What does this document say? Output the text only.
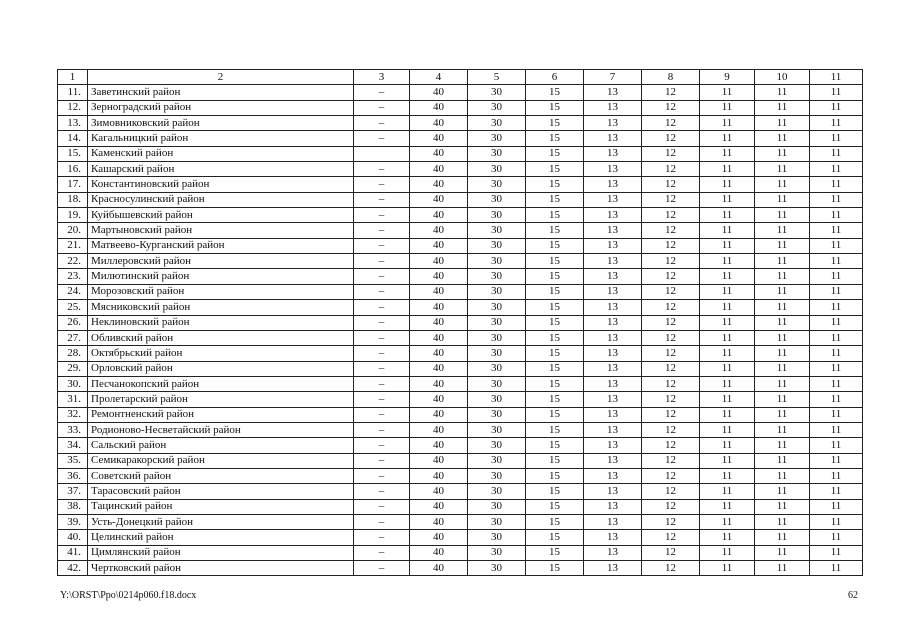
1	2	3	4	5	6	7	8	9	10	11
11.	Заветинский район	–	40	30	15	13	12	11	11	11
12.	Зерноградский район	–	40	30	15	13	12	11	11	11
13.	Зимовниковский район	–	40	30	15	13	12	11	11	11
14.	Кагальницкий район	–	40	30	15	13	12	11	11	11
15.	Каменский район		40	30	15	13	12	11	11	11
16.	Кашарский район	–	40	30	15	13	12	11	11	11
17.	Константиновский район	–	40	30	15	13	12	11	11	11
18.	Красносулинский район	–	40	30	15	13	12	11	11	11
19.	Куйбышевский район	–	40	30	15	13	12	11	11	11
20.	Мартыновский район	–	40	30	15	13	12	11	11	11
21.	Матвеево-Курганский район	–	40	30	15	13	12	11	11	11
22.	Миллеровский район	–	40	30	15	13	12	11	11	11
23.	Милютинский район	–	40	30	15	13	12	11	11	11
24.	Морозовский район	–	40	30	15	13	12	11	11	11
25.	Мясниковский район	–	40	30	15	13	12	11	11	11
26.	Неклиновский район	–	40	30	15	13	12	11	11	11
27.	Обливский район	–	40	30	15	13	12	11	11	11
28.	Октябрьский район	–	40	30	15	13	12	11	11	11
29.	Орловский район	–	40	30	15	13	12	11	11	11
30.	Песчанокопский район	–	40	30	15	13	12	11	11	11
31.	Пролетарский район	–	40	30	15	13	12	11	11	11
32.	Ремонтненский район	–	40	30	15	13	12	11	11	11
33.	Родионово-Несветайский район	–	40	30	15	13	12	11	11	11
34.	Сальский район	–	40	30	15	13	12	11	11	11
35.	Семикаракорский район	–	40	30	15	13	12	11	11	11
36.	Советский район	–	40	30	15	13	12	11	11	11
37.	Тарасовский район	–	40	30	15	13	12	11	11	11
38.	Тацинский район	–	40	30	15	13	12	11	11	11
39.	Усть-Донецкий район	–	40	30	15	13	12	11	11	11
40.	Целинский район	–	40	30	15	13	12	11	11	11
41.	Цимлянский район	–	40	30	15	13	12	11	11	11
42.	Чертковский район	–	40	30	15	13	12	11	11	11
Y:\ORST\Ppo\0214p060.f18.docx	62
